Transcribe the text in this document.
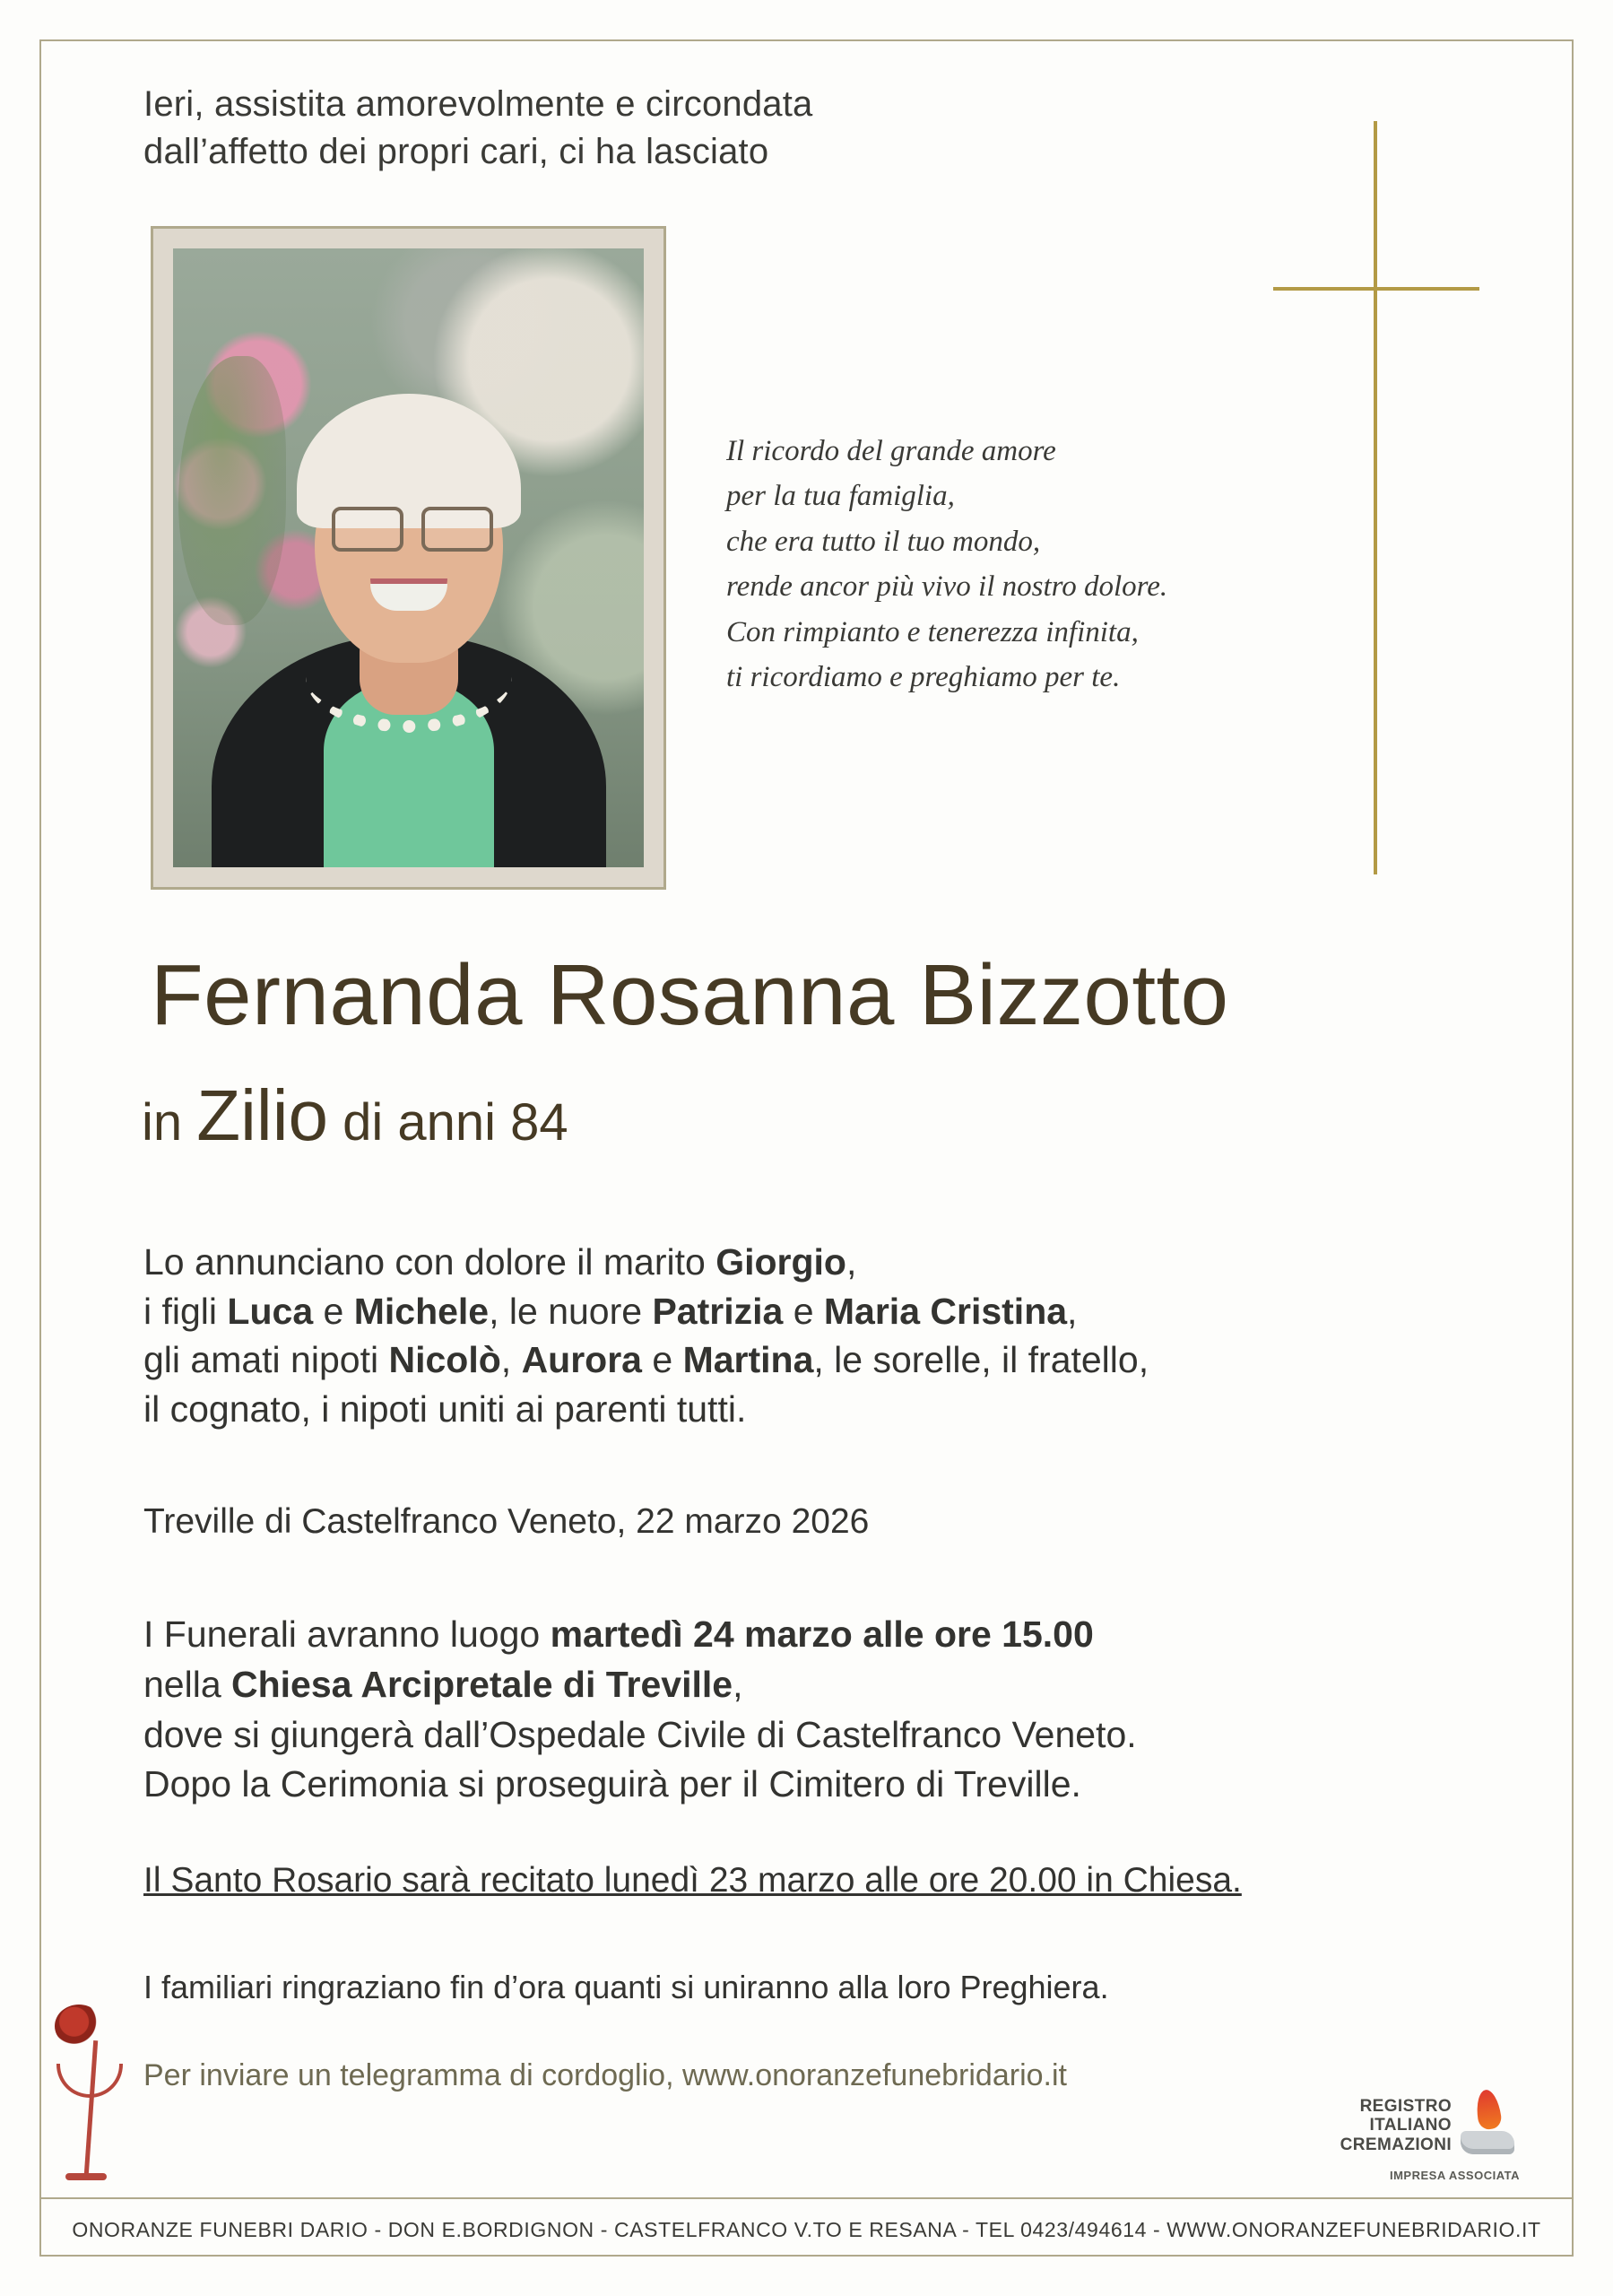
Ieri, assistita amorevolmente e circondata
dall’affetto dei propri cari, ci ha lasciato
Il ricordo del grande amore
per la tua famiglia,
che era tutto il tuo mondo,
rende ancor più vivo il nostro dolore.
Con rimpianto e tenerezza infinita,
ti ricordiamo e preghiamo per te.
Fernanda Rosanna Bizzotto
in Zilio di anni 84
Lo annunciano con dolore il marito Giorgio,
i figli Luca e Michele, le nuore Patrizia e Maria Cristina,
gli amati nipoti Nicolò, Aurora e Martina, le sorelle, il fratello,
il cognato, i nipoti uniti ai parenti tutti.
Treville di Castelfranco Veneto, 22 marzo 2026
I Funerali avranno luogo martedì 24 marzo alle ore 15.00
nella Chiesa Arcipretale di Treville,
dove si giungerà dall’Ospedale Civile di Castelfranco Veneto.
Dopo la Cerimonia si proseguirà per il Cimitero di Treville.
Il Santo Rosario sarà recitato lunedì 23 marzo alle ore 20.00 in Chiesa.
I familiari ringraziano fin d’ora quanti si uniranno alla loro Preghiera.
Per inviare un telegramma di cordoglio, www.onoranzefunebridario.it
REGISTRO
ITALIANO
CREMAZIONI
IMPRESA ASSOCIATA
ONORANZE FUNEBRI DARIO - DON E.BORDIGNON - CASTELFRANCO V.TO E RESANA - TEL 0423/494614 - WWW.ONORANZEFUNEBRIDARIO.IT
